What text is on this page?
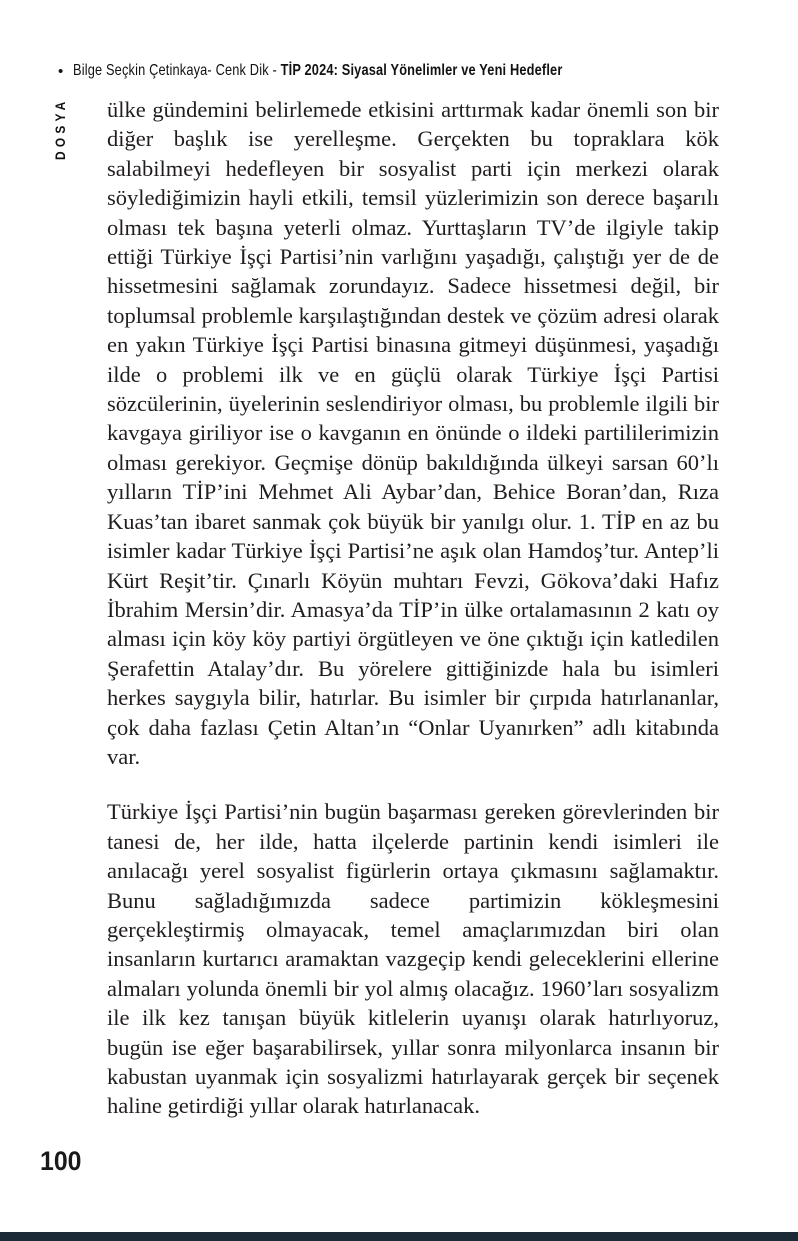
• Bilge Seçkin Çetinkaya- Cenk Dik - TİP 2024: Siyasal Yönelimler ve Yeni Hedefler
DOSYA ülke gündemini belirlemede etkisini arttırmak kadar önemli son bir diğer başlık ise yerelleşme. Gerçekten bu topraklara kök salabilmeyi hedefleyen bir sosyalist parti için merkezi olarak söylediğimizin hayli etkili, temsil yüzlerimizin son derece başarılı olması tek başına yeterli olmaz. Yurttaşların TV’de ilgiyle takip ettiği Türkiye İşçi Partisi’nin varlığını yaşadığı, çalıştığı yer de de hissetmesini sağlamak zorundayız. Sadece hissetmesi değil, bir toplumsal problemle karşılaştığından destek ve çözüm adresi olarak en yakın Türkiye İşçi Partisi binasına gitmeyi düşünmesi, yaşadığı ilde o problemi ilk ve en güçlü olarak Türkiye İşçi Partisi sözcülerinin, üyelerinin seslendiriyor olması, bu problemle ilgili bir kavgaya giriliyor ise o kavganın en önünde o ildeki partililerimizin olması gerekiyor. Geçmişe dönüp bakıldığında ülkeyi sarsan 60’lı yılların TİP’ini Mehmet Ali Aybar’dan, Behice Boran’dan, Rıza Kuas’tan ibaret sanmak çok büyük bir yanılgı olur. 1. TİP en az bu isimler kadar Türkiye İşçi Partisi’ne aşık olan Hamdoş’tur. Antep’li Kürt Reşit’tir. Çınarlı Köyün muhtarı Fevzi, Gökova’daki Hafız İbrahim Mersin’dir. Amasya’da TİP’in ülke ortalamasının 2 katı oy alması için köy köy partiyi örgütleyen ve öne çıktığı için katledilen Şerafettin Atalay’dır. Bu yörelere gittiğinizde hala bu isimleri herkes saygıyla bilir, hatırlar. Bu isimler bir çırpıda hatırlananlar, çok daha fazlası Çetin Altan’ın “Onlar Uyanırken” adlı kitabında var.

Türkiye İşçi Partisi’nin bugün başarması gereken görevlerinden bir tanesi de, her ilde, hatta ilçelerde partinin kendi isimleri ile anılacağı yerel sosyalist figürlerin ortaya çıkmasını sağlamaktır. Bunu sağladığımızda sadece partimizin kökleşmesini gerçekleştirmiş olmayacak, temel amaçlarımızdan biri olan insanların kurtarıcı aramaktan vazgeçip kendi geleceklerini ellerine almaları yolunda önemli bir yol almış olacağız. 1960’ları sosyalizm ile ilk kez tanışan büyük kitlelerin uyanışı olarak hatırlıyoruz, bugün ise eğer başarabilirsek, yıllar sonra milyonlarca insanın bir kabustan uyanmak için sosyalizmi hatırlayarak gerçek bir seçenek haline getirdiği yıllar olarak hatırlanacak.

100
